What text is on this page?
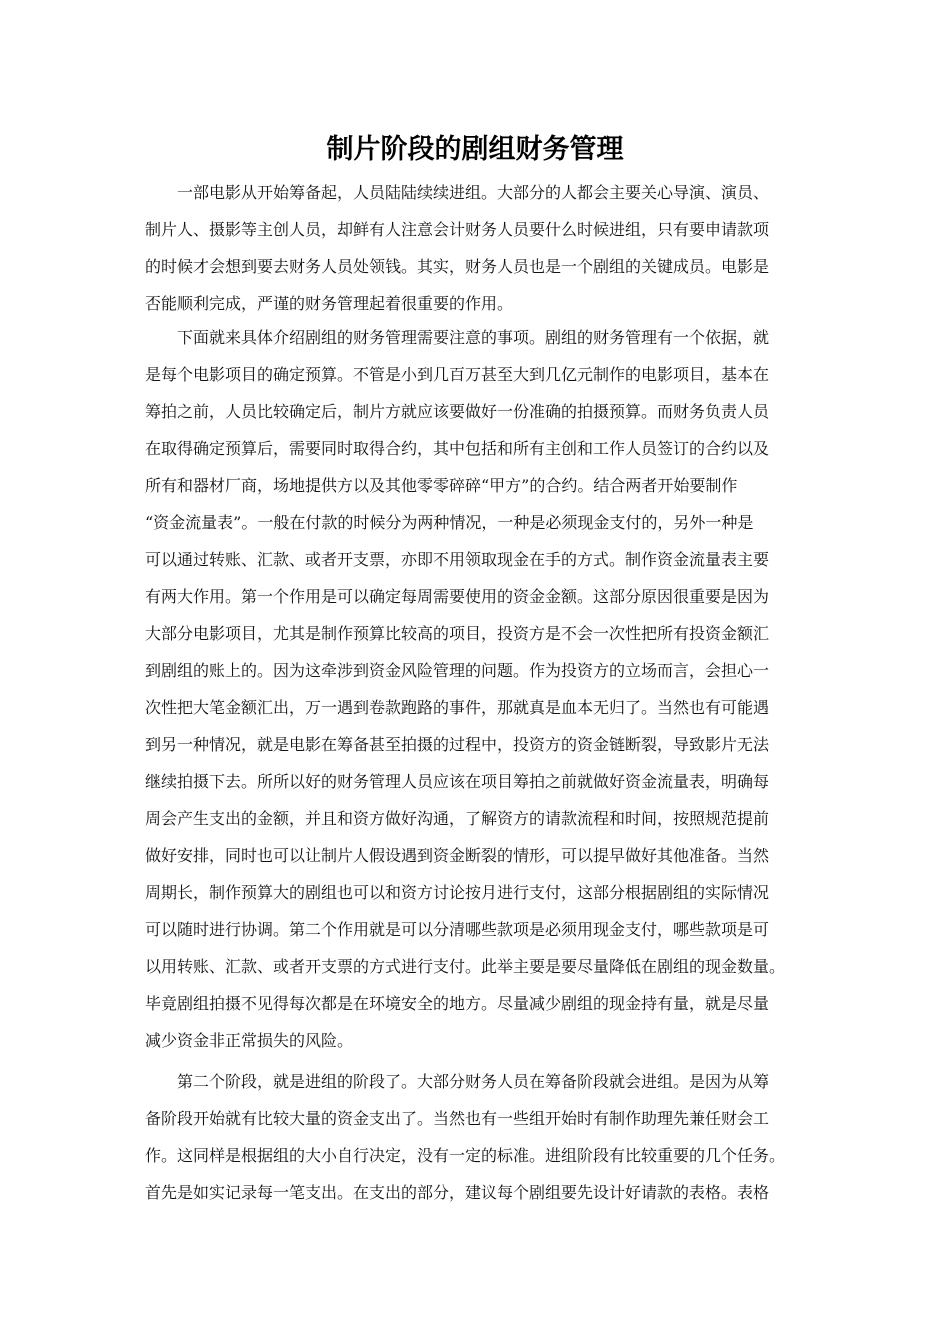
制片阶段的剧组财务管理

一部电影从开始筹备起，人员陆陆续续进组。大部分的人都会主要关心导演、演员、
制片人、摄影等主创人员，却鲜有人注意会计财务人员要什么时候进组，只有要申请款项
的时候才会想到要去财务人员处领钱。其实，财务人员也是一个剧组的关键成员。电影是
否能顺利完成，严谨的财务管理起着很重要的作用。

下面就来具体介绍剧组的财务管理需要注意的事项。剧组的财务管理有一个依据，就
是每个电影项目的确定预算。不管是小到几百万甚至大到几亿元制作的电影项目，基本在
筹拍之前，人员比较确定后，制片方就应该要做好一份准确的拍摄预算。而财务负责人员
在取得确定预算后，需要同时取得合约，其中包括和所有主创和工作人员签订的合约以及
所有和器材厂商，场地提供方以及其他零零碎碎“甲方”的合约。结合两者开始要制作
“资金流量表”。一般在付款的时候分为两种情况，一种是必须现金支付的，另外一种是
可以通过转账、汇款、或者开支票，亦即不用领取现金在手的方式。制作资金流量表主要
有两大作用。第一个作用是可以确定每周需要使用的资金金额。这部分原因很重要是因为
大部分电影项目，尤其是制作预算比较高的项目，投资方是不会一次性把所有投资金额汇
到剧组的账上的。因为这牵涉到资金风险管理的问题。作为投资方的立场而言，会担心一
次性把大笔金额汇出，万一遇到卷款跑路的事件，那就真是血本无归了。当然也有可能遇
到另一种情况，就是电影在筹备甚至拍摄的过程中，投资方的资金链断裂，导致影片无法
继续拍摄下去。所所以好的财务管理人员应该在项目筹拍之前就做好资金流量表，明确每
周会产生支出的金额，并且和资方做好沟通，了解资方的请款流程和时间，按照规范提前
做好安排，同时也可以让制片人假设遇到资金断裂的情形，可以提早做好其他准备。当然
周期长，制作预算大的剧组也可以和资方讨论按月进行支付，这部分根据剧组的实际情况
可以随时进行协调。第二个作用就是可以分清哪些款项是必须用现金支付，哪些款项是可
以用转账、汇款、或者开支票的方式进行支付。此举主要是要尽量降低在剧组的现金数量。
毕竟剧组拍摄不见得每次都是在环境安全的地方。尽量减少剧组的现金持有量，就是尽量
减少资金非正常损失的风险。

第二个阶段，就是进组的阶段了。大部分财务人员在筹备阶段就会进组。是因为从筹
备阶段开始就有比较大量的资金支出了。当然也有一些组开始时有制作助理先兼任财会工
作。这同样是根据组的大小自行决定，没有一定的标准。进组阶段有比较重要的几个任务。
首先是如实记录每一笔支出。在支出的部分，建议每个剧组要先设计好请款的表格。表格
